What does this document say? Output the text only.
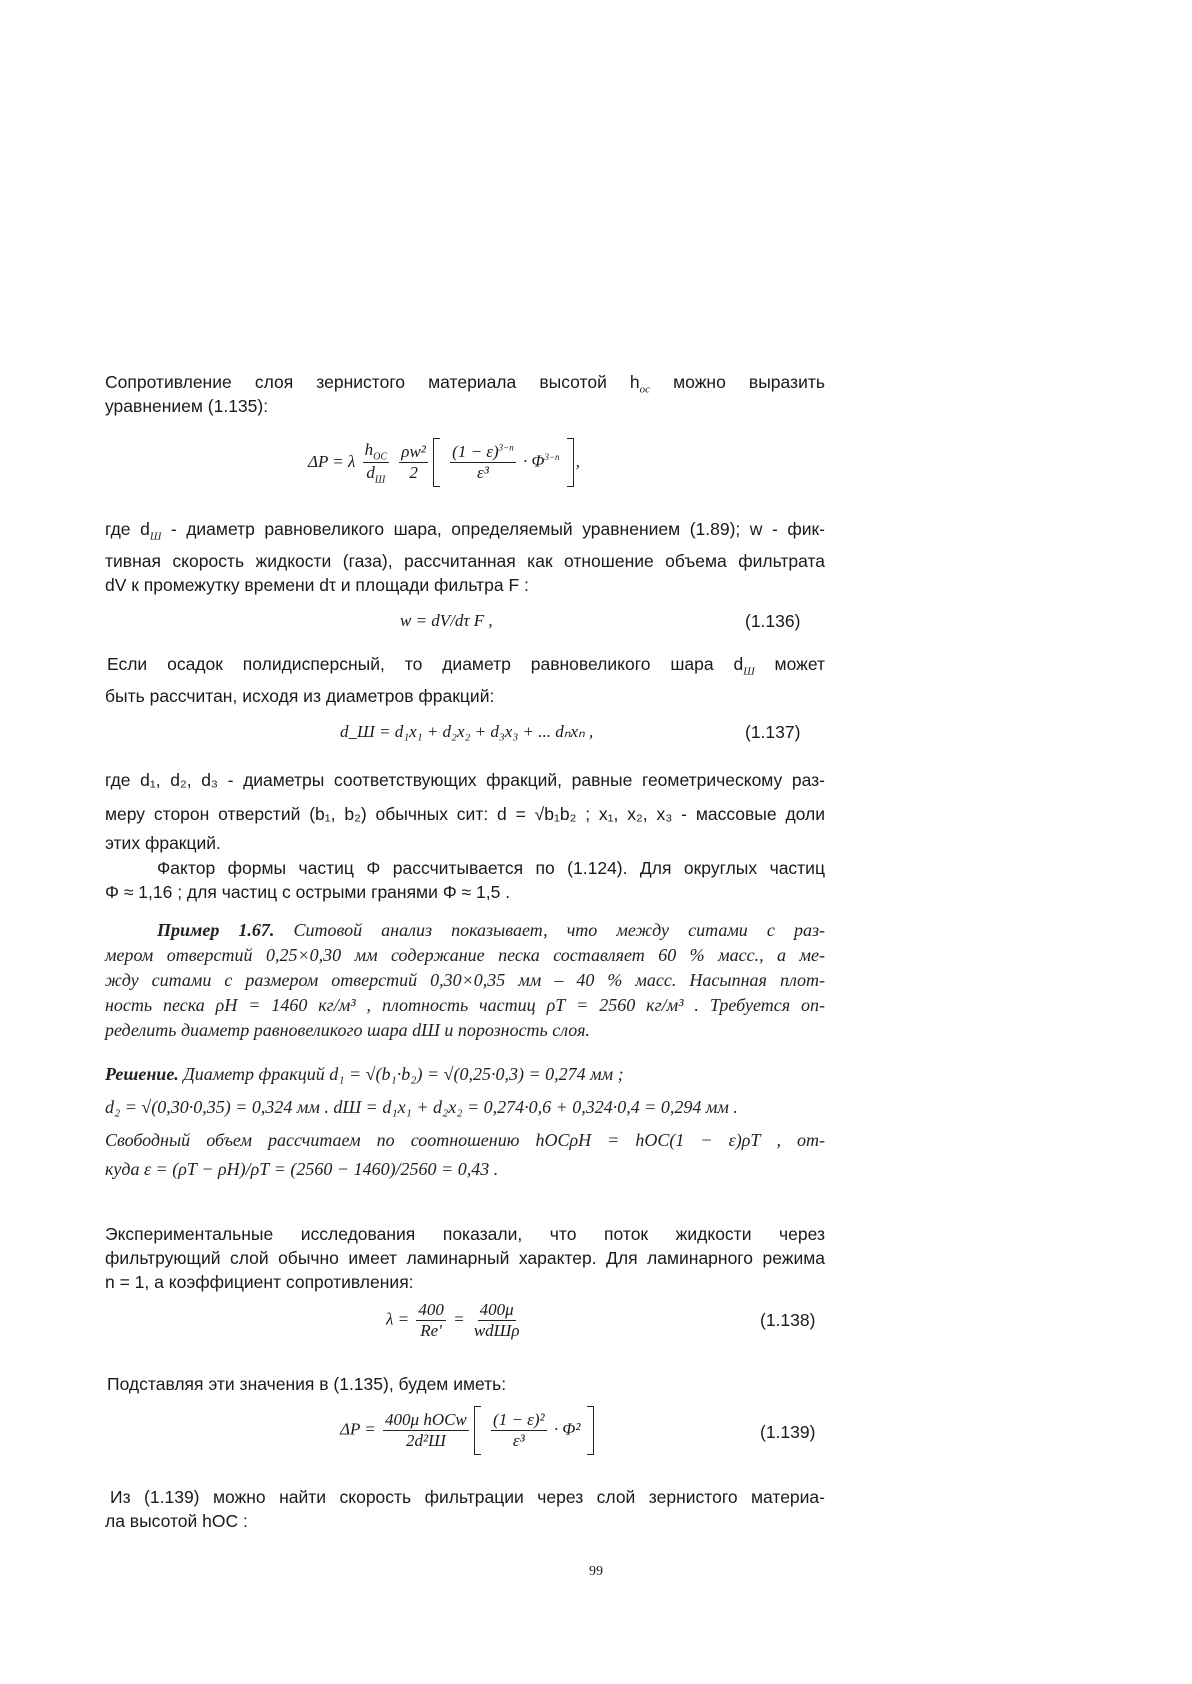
Сопротивление слоя зернистого материала высотой $h_{ос}$ можно выразить
уравнением (1.135):
ΔP = λ $\frac{h_{ОС}}{d_Ш}$
$\frac{\text{ρw²}}{2}$
$\frac{(1 - \varepsilon)^{3-n}}{\text{ε³}} \cdot \Phi^{3-n}$ ,
где $d_Ш$ - диаметр равновеликого шара, определяемый уравнением (1.89); w - фик-
тивная скорость жидкости (газа), рассчитанная как отношение объема фильтрата
dV к промежутку времени dτ и площади фильтра F :
w = dV/dτ F ,	(1.136)
Если осадок полидисперсный, то диаметр равновеликого шара $d_Ш$ может
быть рассчитан, исходя из диаметров фракций:
d_Ш = d₁x₁ + d₂x₂ + d₃x₃ + ... dₙxₙ ,	(1.137)
где d₁, d₂, d₃ - диаметры соответствующих фракций, равные геометрическому раз-
меру сторон отверстий (b₁, b₂) обычных сит: d = √b₁b₂ ; x₁, x₂, x₃ - массовые доли
этих фракций.
Фактор формы частиц Φ рассчитывается по (1.124). Для округлых частиц
Φ ≈ 1,16 ; для частиц с острыми гранями Φ ≈ 1,5 .
Пример 1.67. Ситовой анализ показывает, что между ситами с раз-
мером отверстий 0,25×0,30 мм содержание песка составляет 60 % масс., а ме-
жду ситами с размером отверстий 0,30×0,35 мм – 40 % масс. Насыпная плот-
ность песка ρН = 1460 кг/м³ , плотность частиц ρТ = 2560 кг/м³ . Требуется оп-
ределить диаметр равновеликого шара dШ и порозность слоя.
Решение. Диаметр фракций d₁ = √(b₁·b₂) = √(0,25·0,3) = 0,274 мм ;
d₂ = √(0,30·0,35) = 0,324 мм . dШ = d₁x₁ + d₂x₂ = 0,274·0,6 + 0,324·0,4 = 0,294 мм .
Свободный объем рассчитаем по соотношению hОСρН = hОС(1 − ε)ρТ , от-
куда ε = (ρТ − ρН)/ρТ = (2560 − 1460)/2560 = 0,43 .
Экспериментальные исследования показали, что поток жидкости через
фильтрующий слой обычно имеет ламинарный характер. Для ламинарного режима
n = 1, а коэффициент сопротивления:
$\lambda = \frac{400}{Re'} = \frac{400\mu}{\text{wdШρ}}$	(1.138)
Подставляя эти значения в (1.135), будем иметь:
$\Delta P = \frac{\text{400μ hОСw}}{\text{2d²Ш}}$
$\frac{\text{(1 − ε)²}}{\text{ε³}} \cdot \Phi^2$	(1.139)
Из (1.139) можно найти скорость фильтрации через слой зернистого материа-
ла высотой hОС :
99
